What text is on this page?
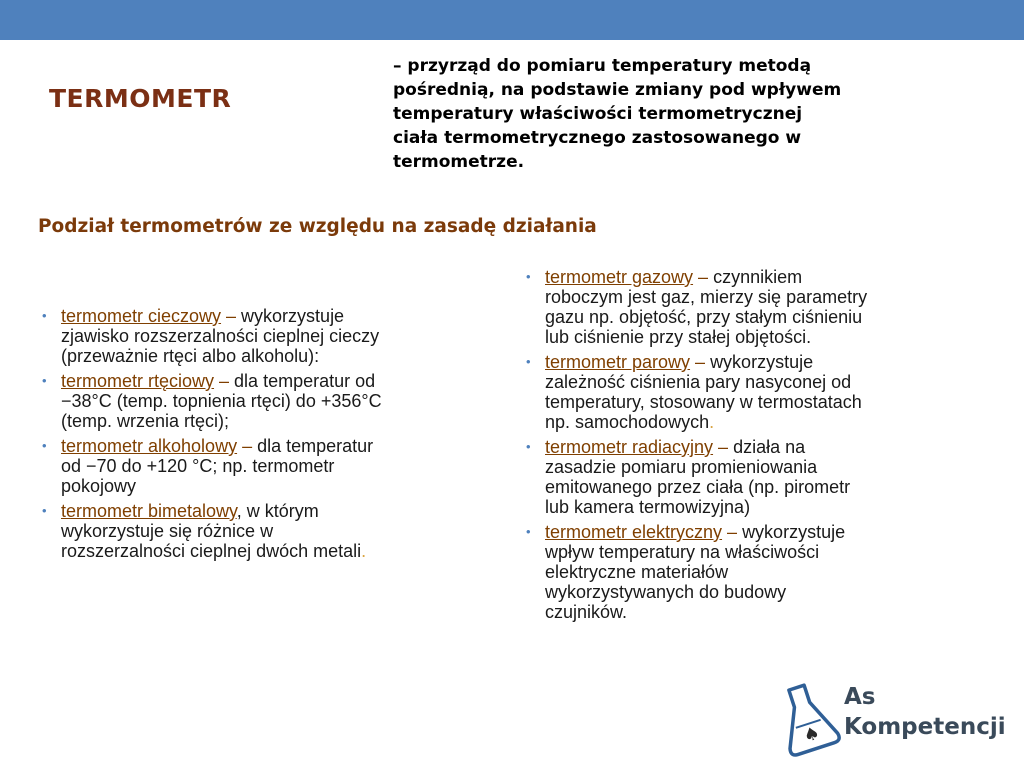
TERMOMETR
– przyrząd do pomiaru temperatury metodą
pośrednią, na podstawie zmiany pod wpływem
temperatury właściwości termometrycznej
ciała termometrycznego zastosowanego w
termometrze.
Podział termometrów ze względu na zasadę działania
• termometr cieczowy – wykorzystuje
zjawisko rozszerzalności cieplnej cieczy
(przeważnie rtęci albo alkoholu):
• termometr rtęciowy – dla temperatur od
−38°C (temp. topnienia rtęci) do +356°C
(temp. wrzenia rtęci);
• termometr alkoholowy – dla temperatur
od −70 do +120 °C; np. termometr
pokojowy
• termometr bimetalowy, w którym
wykorzystuje się różnice w
rozszerzalności cieplnej dwóch metali.
• termometr gazowy – czynnikiem
roboczym jest gaz, mierzy się parametry
gazu np. objętość, przy stałym ciśnieniu
lub ciśnienie przy stałej objętości.
• termometr parowy – wykorzystuje
zależność ciśnienia pary nasyconej od
temperatury, stosowany w termostatach
np. samochodowych.
• termometr radiacyjny – działa na
zasadzie pomiaru promieniowania
emitowanego przez ciała (np. pirometr
lub kamera termowizyjna)
• termometr elektryczny – wykorzystuje
wpływ temperatury na właściwości
elektryczne materiałów
wykorzystywanych do budowy
czujników.
♠
As
Kompetencji
